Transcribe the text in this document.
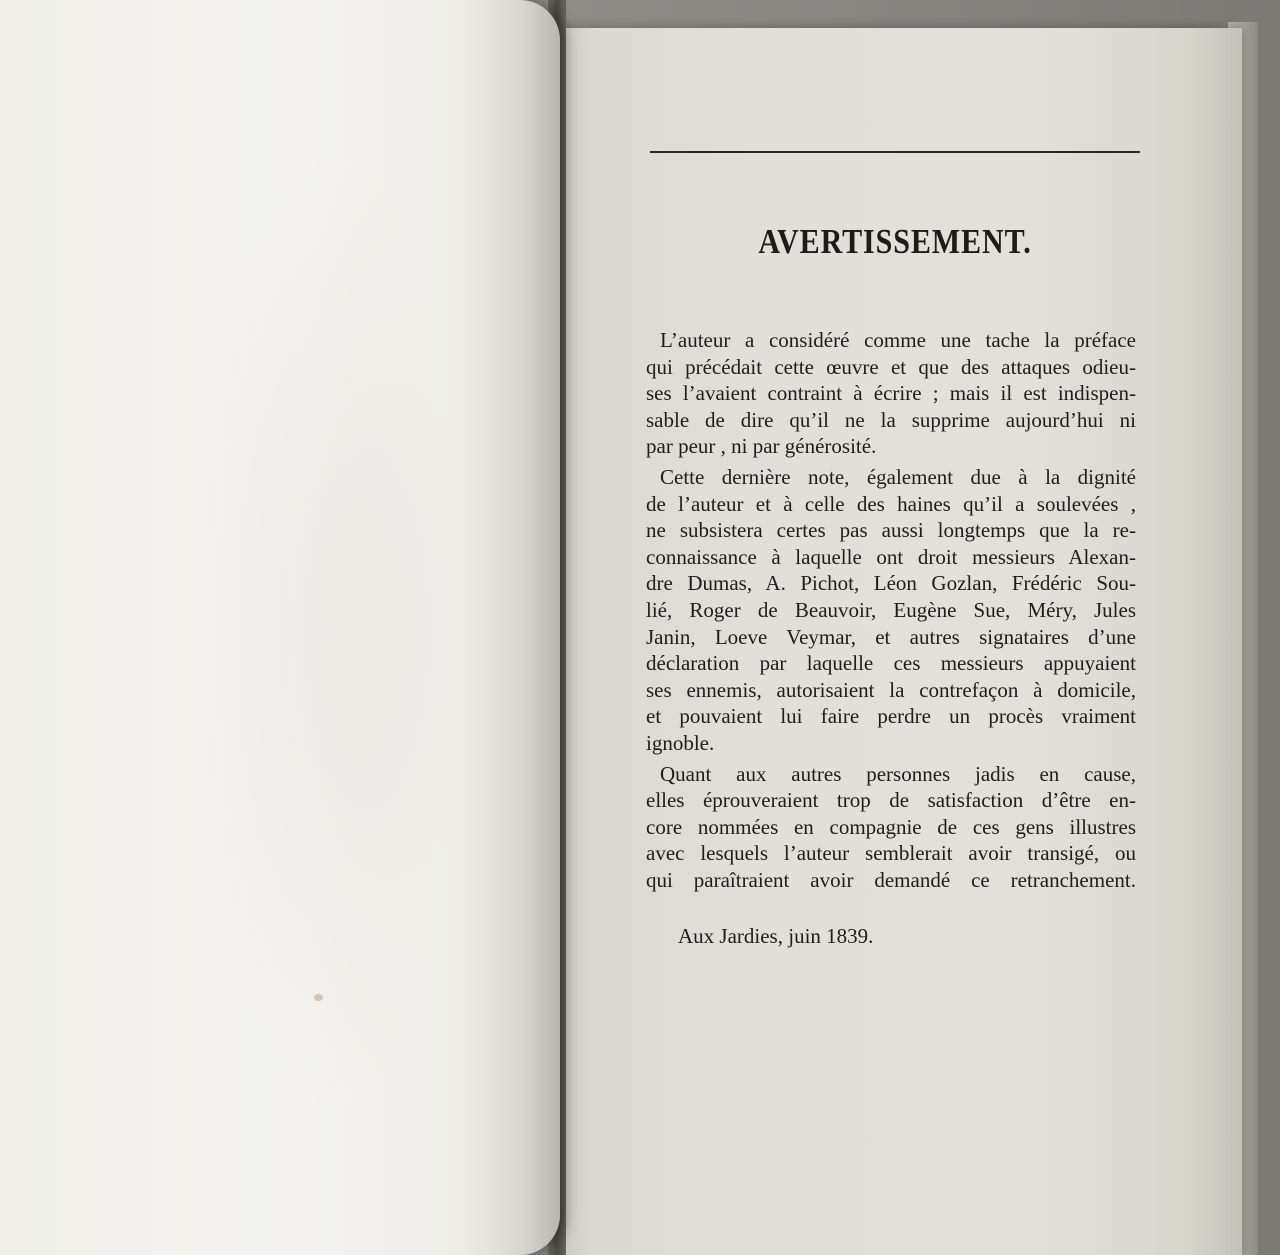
AVERTISSEMENT.

L’auteur a considéré comme une tache la préface
qui précédait cette œuvre et que des attaques odieu-
ses l’avaient contraint à écrire ; mais il est indispen-
sable de dire qu’il ne la supprime aujourd’hui ni
par peur , ni par générosité.

Cette dernière note, également due à la dignité
de l’auteur et à celle des haines qu’il a soulevées ,
ne subsistera certes pas aussi longtemps que la re-
connaissance à laquelle ont droit messieurs Alexan-
dre Dumas, A. Pichot, Léon Gozlan, Frédéric Sou-
lié, Roger de Beauvoir, Eugène Sue, Méry, Jules
Janin, Loeve Veymar, et autres signataires d’une
déclaration par laquelle ces messieurs appuyaient
ses ennemis, autorisaient la contrefaçon à domicile,
et pouvaient lui faire perdre un procès vraiment
ignoble.

Quant aux autres personnes jadis en cause,
elles éprouveraient trop de satisfaction d’être en-
core nommées en compagnie de ces gens illustres
avec lesquels l’auteur semblerait avoir transigé, ou
qui paraîtraient avoir demandé ce retranchement.

Aux Jardies, juin 1839.
